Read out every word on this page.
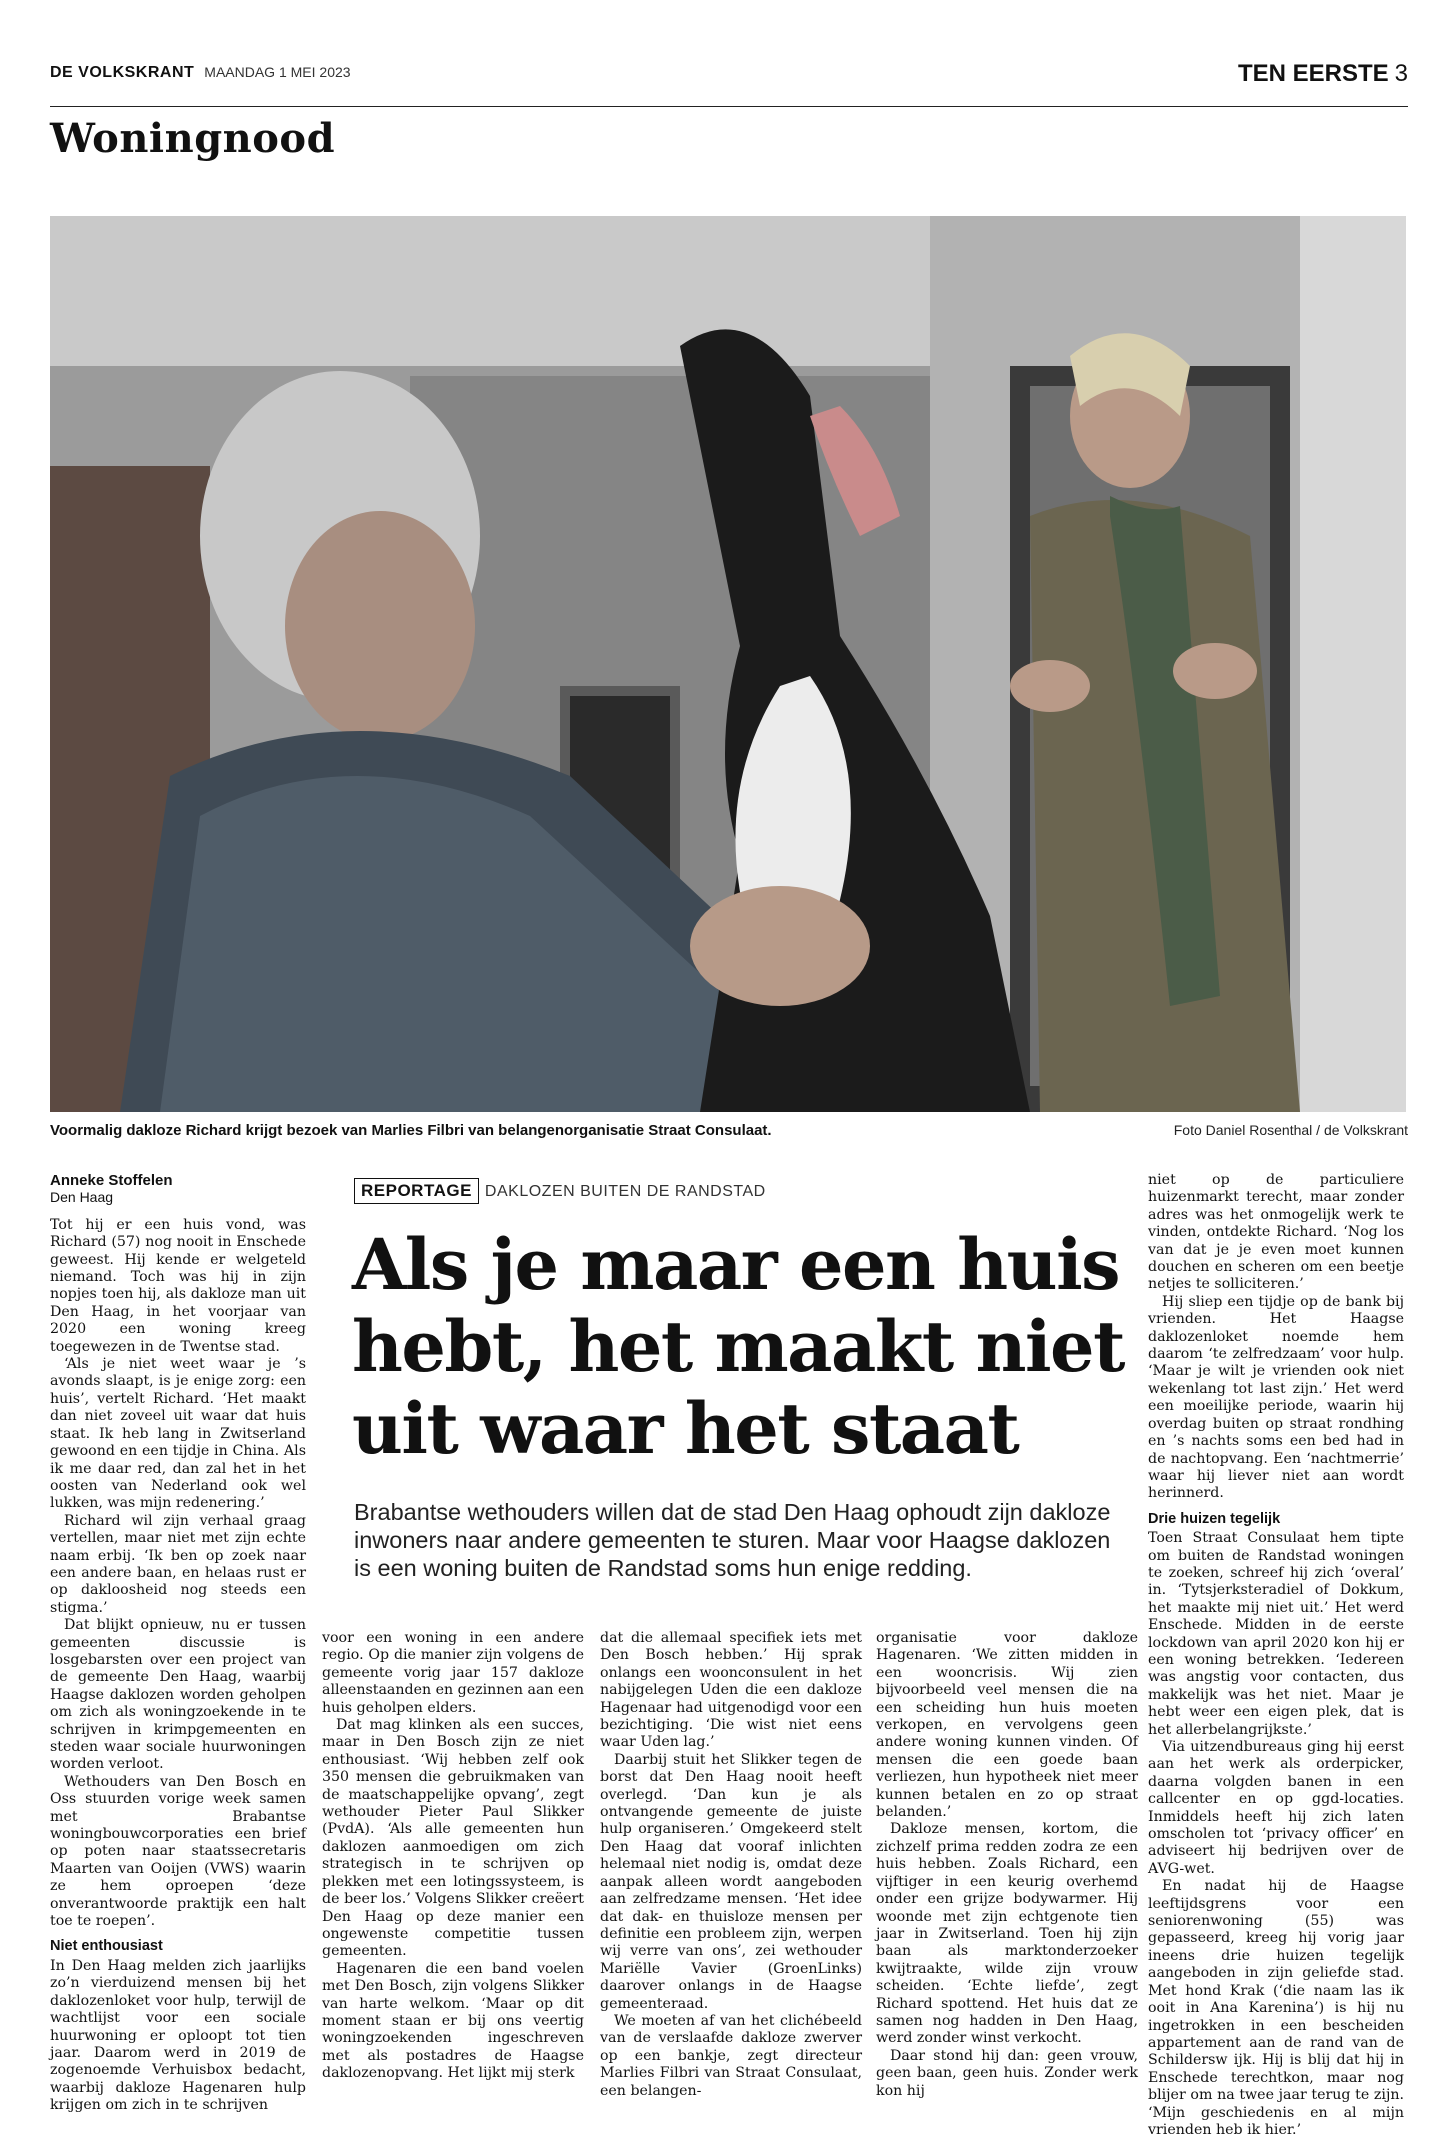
DE VOLKSKRANT MAANDAG 1 MEI 2023	TEN EERSTE 3
Woningnood
Voormalig dakloze Richard krijgt bezoek van Marlies Filbri van belangenorganisatie Straat Consulaat.	Foto Daniel Rosenthal / de Volkskrant
Anneke Stoffelen
Den Haag

Tot hij er een huis vond, was Richard (57) nog nooit in Enschede geweest. Hij kende er welgeteld niemand. Toch was hij in zijn nopjes toen hij, als dakloze man uit Den Haag, in het voorjaar van 2020 een woning kreeg toegewezen in de Twentse stad.

‘Als je niet weet waar je ’s avonds slaapt, is je enige zorg: een huis’, vertelt Richard. ‘Het maakt dan niet zoveel uit waar dat huis staat. Ik heb lang in Zwitserland gewoond en een tijdje in China. Als ik me daar red, dan zal het in het oosten van Nederland ook wel lukken, was mijn redenering.’

Richard wil zijn verhaal graag vertellen, maar niet met zijn echte naam erbij. ‘Ik ben op zoek naar een andere baan, en helaas rust er op dakloosheid nog steeds een stigma.’

Dat blijkt opnieuw, nu er tussen gemeenten discussie is losgebarsten over een project van de gemeente Den Haag, waarbij Haagse daklozen worden geholpen om zich als woningzoekende in te schrijven in krimpgemeenten en steden waar sociale huurwoningen worden verloot.

Wethouders van Den Bosch en Oss stuurden vorige week samen met Brabantse woningbouwcorporaties een brief op poten naar staatssecretaris Maarten van Ooijen (VWS) waarin ze hem oproepen ‘deze onverantwoorde praktijk een halt toe te roepen’.

Niet enthousiast

In Den Haag melden zich jaarlijks zo’n vierduizend mensen bij het daklozenloket voor hulp, terwijl de wachtlijst voor een sociale huurwoning er oploopt tot tien jaar. Daarom werd in 2019 de zogenoemde Verhuisbox bedacht, waarbij dakloze Hagenaren hulp krijgen om zich in te schrijven

REPORTAGE DAKLOZEN BUITEN DE RANDSTAD
Als je maar een huis hebt, het maakt niet uit waar het staat

Brabantse wethouders willen dat de stad Den Haag ophoudt zijn dakloze inwoners naar andere gemeenten te sturen. Maar voor Haagse daklozen is een woning buiten de Randstad soms hun enige redding.

voor een woning in een andere regio. Op die manier zijn volgens de gemeente vorig jaar 157 dakloze alleenstaanden en gezinnen aan een huis geholpen elders.

Dat mag klinken als een succes, maar in Den Bosch zijn ze niet enthousiast. ‘Wij hebben zelf ook 350 mensen die gebruikmaken van de maatschappelijke opvang’, zegt wethouder Pieter Paul Slikker (PvdA). ‘Als alle gemeenten hun daklozen aanmoedigen om zich strategisch in te schrijven op plekken met een lotingssysteem, is de beer los.’ Volgens Slikker creëert Den Haag op deze manier een ongewenste competitie tussen gemeenten.

Hagenaren die een band voelen met Den Bosch, zijn volgens Slikker van harte welkom. ‘Maar op dit moment staan er bij ons veertig woningzoekenden ingeschreven met als postadres de Haagse daklozenopvang. Het lijkt mij sterk

dat die allemaal specifiek iets met Den Bosch hebben.’ Hij sprak onlangs een woonconsulent in het nabijgelegen Uden die een dakloze Hagenaar had uitgenodigd voor een bezichtiging. ‘Die wist niet eens waar Uden lag.’

Daarbij stuit het Slikker tegen de borst dat Den Haag nooit heeft overlegd. ‘Dan kun je als ontvangende gemeente de juiste hulp organiseren.’ Omgekeerd stelt Den Haag dat vooraf inlichten helemaal niet nodig is, omdat deze aanpak alleen wordt aangeboden aan zelfredzame mensen. ‘Het idee dat dak- en thuisloze mensen per definitie een probleem zijn, werpen wij verre van ons’, zei wethouder Mariëlle Vavier (GroenLinks) daarover onlangs in de Haagse gemeenteraad.

We moeten af van het clichébeeld van de verslaafde dakloze zwerver op een bankje, zegt directeur Marlies Filbri van Straat Consulaat, een belangen-

organisatie voor dakloze Hagenaren. ‘We zitten midden in een wooncrisis. Wij zien bijvoorbeeld veel mensen die na een scheiding hun huis moeten verkopen, en vervolgens geen andere woning kunnen vinden. Of mensen die een goede baan verliezen, hun hypotheek niet meer kunnen betalen en zo op straat belanden.’

Dakloze mensen, kortom, die zichzelf prima redden zodra ze een huis hebben. Zoals Richard, een vijftiger in een keurig overhemd onder een grijze bodywarmer. Hij woonde met zijn echtgenote tien jaar in Zwitserland. Toen hij zijn baan als marktonderzoeker kwijtraakte, wilde zijn vrouw scheiden. ‘Echte liefde’, zegt Richard spottend. Het huis dat ze samen nog hadden in Den Haag, werd zonder winst verkocht.

Daar stond hij dan: geen vrouw, geen baan, geen huis. Zonder werk kon hij

niet op de particuliere huizenmarkt terecht, maar zonder adres was het onmogelijk werk te vinden, ontdekte Richard. ‘Nog los van dat je je even moet kunnen douchen en scheren om een beetje netjes te solliciteren.’

Hij sliep een tijdje op de bank bij vrienden. Het Haagse daklozenloket noemde hem daarom ‘te zelfredzaam’ voor hulp. ‘Maar je wilt je vrienden ook niet wekenlang tot last zijn.’ Het werd een moeilijke periode, waarin hij overdag buiten op straat rondhing en ’s nachts soms een bed had in de nachtopvang. Een ‘nachtmerrie’ waar hij liever niet aan wordt herinnerd.

Drie huizen tegelijk

Toen Straat Consulaat hem tipte om buiten de Randstad woningen te zoeken, schreef hij zich ‘overal’ in. ‘Tytsjerksteradiel of Dokkum, het maakte mij niet uit.’ Het werd Enschede. Midden in de eerste lockdown van april 2020 kon hij er een woning betrekken. ‘Iedereen was angstig voor contacten, dus makkelijk was het niet. Maar je hebt weer een eigen plek, dat is het allerbelangrijkste.’

Via uitzendbureaus ging hij eerst aan het werk als orderpicker, daarna volgden banen in een callcenter en op ggd-locaties. Inmiddels heeft hij zich laten omscholen tot ‘privacy officer’ en adviseert hij bedrijven over de AVG-wet.

En nadat hij de Haagse leeftijdsgrens voor een seniorenwoning (55) was gepasseerd, kreeg hij vorig jaar ineens drie huizen tegelijk aangeboden in zijn geliefde stad. Met hond Krak (‘die naam las ik ooit in Ana Karenina’) is hij nu ingetrokken in een bescheiden appartement aan de rand van de Schildersw ijk. Hij is blij dat hij in Enschede terechtkon, maar nog blijer om na twee jaar terug te zijn. ‘Mijn geschiedenis en al mijn vrienden heb ik hier.’
